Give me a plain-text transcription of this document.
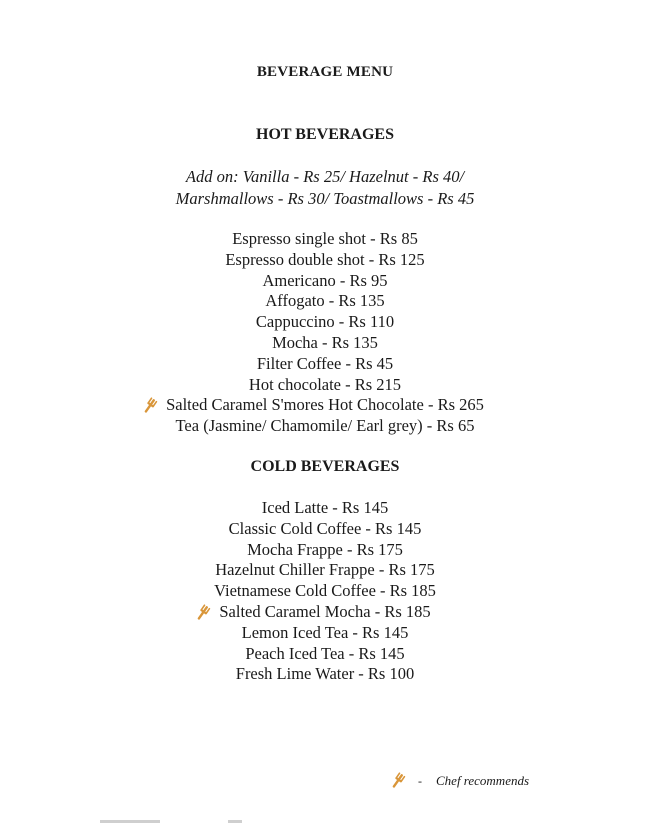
BEVERAGE MENU
HOT BEVERAGES
Add on: Vanilla - Rs 25/ Hazelnut - Rs 40/
Marshmallows - Rs 30/ Toastmallows - Rs 45
Espresso single shot - Rs 85
Espresso double shot - Rs 125
Americano - Rs 95
Affogato - Rs 135
Cappuccino - Rs 110
Mocha - Rs 135
Filter Coffee - Rs 45
Hot chocolate - Rs 215
Salted Caramel S'mores Hot Chocolate - Rs 265
Tea (Jasmine/ Chamomile/ Earl grey) - Rs 65
COLD BEVERAGES
Iced Latte - Rs 145
Classic Cold Coffee - Rs 145
Mocha Frappe - Rs 175
Hazelnut Chiller Frappe - Rs 175
Vietnamese Cold Coffee - Rs 185
Salted Caramel Mocha - Rs 185
Lemon Iced Tea - Rs 145
Peach Iced Tea - Rs 145
Fresh Lime Water - Rs 100
- Chef recommends
